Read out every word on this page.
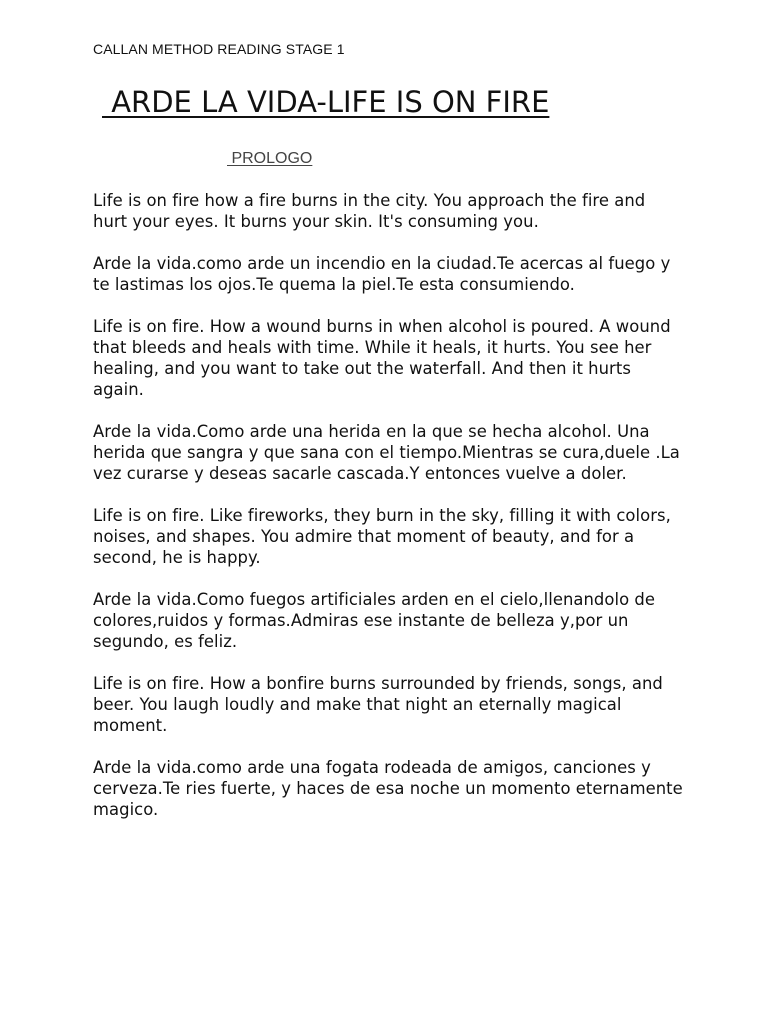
CALLAN METHOD READING STAGE 1
ARDE LA VIDA-LIFE IS ON FIRE
PROLOGO

Life is on fire how a fire burns in the city. You approach the fire and hurt your eyes. It burns your skin. It's consuming you.

Arde la vida.como arde un incendio en la ciudad.Te acercas al fuego y te lastimas los ojos.Te quema la piel.Te esta consumiendo.

Life is on fire. How a wound burns in when alcohol is poured. A wound that bleeds and heals with time. While it heals, it hurts. You see her healing, and you want to take out the waterfall. And then it hurts again.

Arde la vida.Como arde una herida en la que se hecha alcohol. Una herida que sangra y que sana con el tiempo.Mientras se cura,duele .La vez curarse y deseas sacarle cascada.Y entonces vuelve a doler.

Life is on fire. Like fireworks, they burn in the sky, filling it with colors, noises, and shapes. You admire that moment of beauty, and for a second, he is happy.

Arde la vida.Como fuegos artificiales arden en el cielo,llenandolo de colores,ruidos y formas.Admiras ese instante de belleza y,por un segundo, es feliz.

Life is on fire. How a bonfire burns surrounded by friends, songs, and beer. You laugh loudly and make that night an eternally magical moment.

Arde la vida.como arde una fogata rodeada de amigos, canciones y cerveza.Te ries fuerte, y haces de esa noche un momento eternamente magico.
